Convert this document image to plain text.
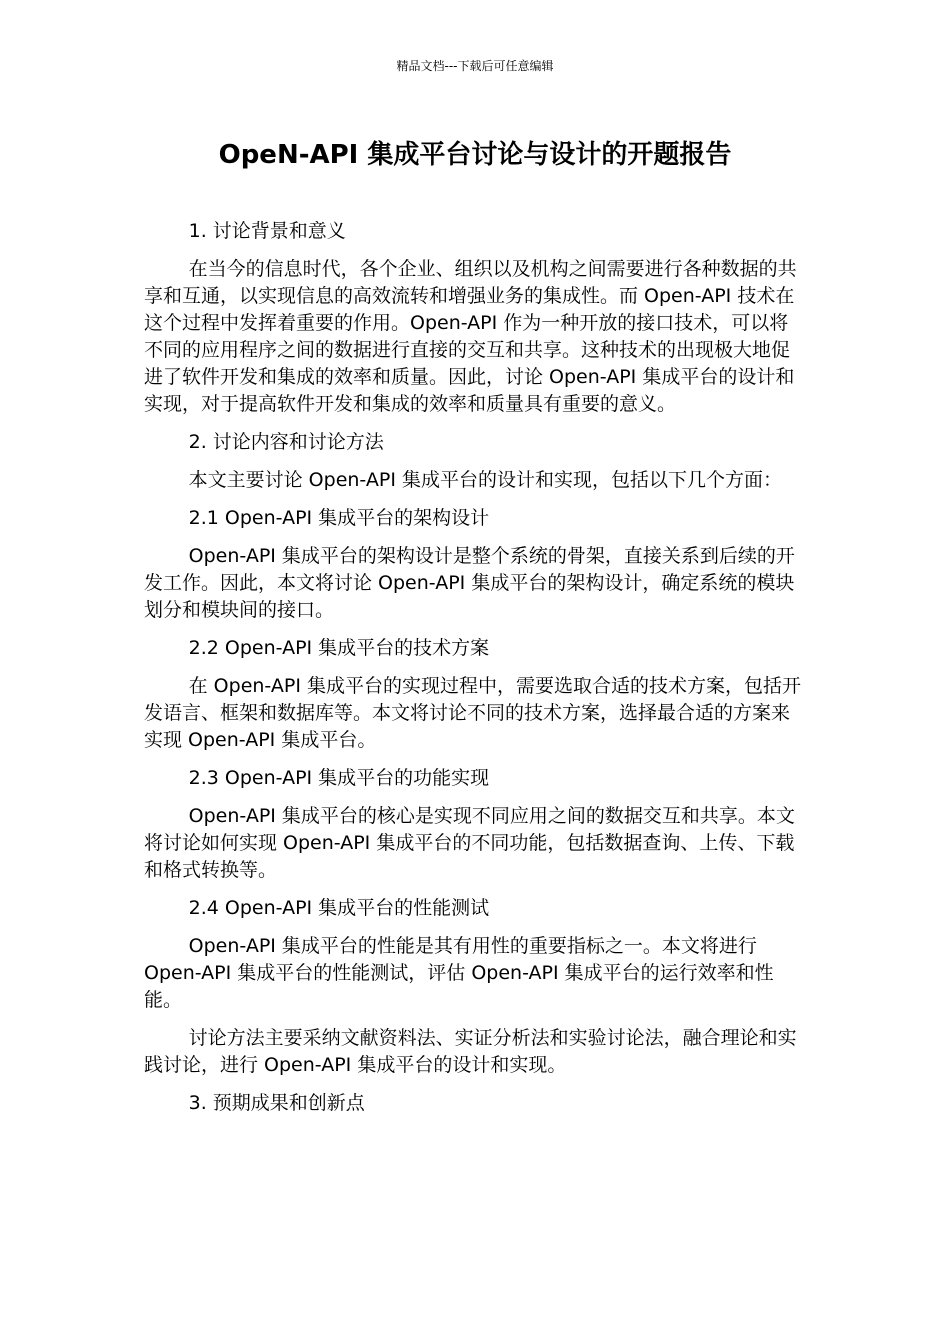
精品文档---下载后可任意编辑
OpeN-API 集成平台讨论与设计的开题报告

1. 讨论背景和意义

在当今的信息时代，各个企业、组织以及机构之间需要进行各种数据的共享和互通，以实现信息的高效流转和增强业务的集成性。而 Open-API 技术在这个过程中发挥着重要的作用。Open-API 作为一种开放的接口技术，可以将不同的应用程序之间的数据进行直接的交互和共享。这种技术的出现极大地促进了软件开发和集成的效率和质量。因此，讨论 Open-API 集成平台的设计和实现，对于提高软件开发和集成的效率和质量具有重要的意义。

2. 讨论内容和讨论方法

本文主要讨论 Open-API 集成平台的设计和实现，包括以下几个方面：

2.1 Open-API 集成平台的架构设计

Open-API 集成平台的架构设计是整个系统的骨架，直接关系到后续的开发工作。因此，本文将讨论 Open-API 集成平台的架构设计，确定系统的模块划分和模块间的接口。

2.2 Open-API 集成平台的技术方案

在 Open-API 集成平台的实现过程中，需要选取合适的技术方案，包括开发语言、框架和数据库等。本文将讨论不同的技术方案，选择最合适的方案来实现 Open-API 集成平台。

2.3 Open-API 集成平台的功能实现

Open-API 集成平台的核心是实现不同应用之间的数据交互和共享。本文将讨论如何实现 Open-API 集成平台的不同功能，包括数据查询、上传、下载和格式转换等。

2.4 Open-API 集成平台的性能测试

Open-API 集成平台的性能是其有用性的重要指标之一。本文将进行 Open-API 集成平台的性能测试，评估 Open-API 集成平台的运行效率和性能。

讨论方法主要采纳文献资料法、实证分析法和实验讨论法，融合理论和实践讨论，进行 Open-API 集成平台的设计和实现。

3. 预期成果和创新点
